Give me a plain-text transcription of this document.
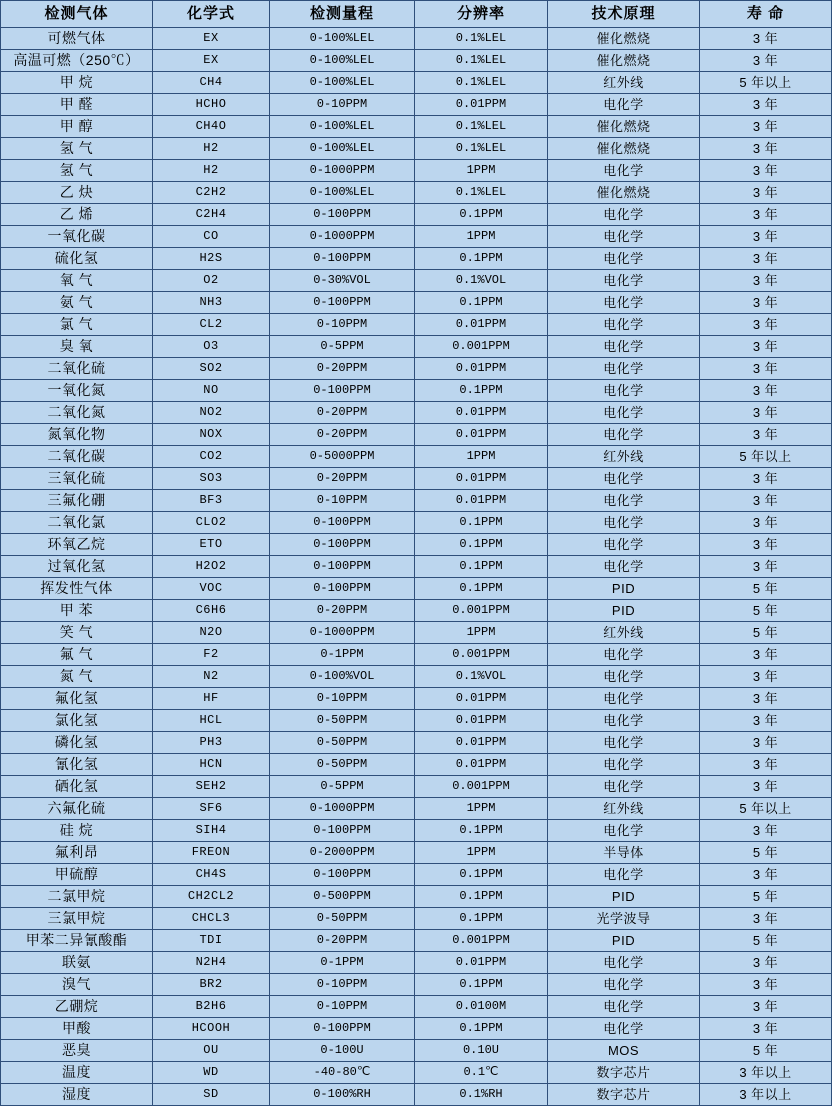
检测气体	化学式	检测量程	分辨率	技术原理	寿 命
可燃气体	EX	0-100%LEL	0.1%LEL	催化燃烧	3 年
高温可燃（250℃）	EX	0-100%LEL	0.1%LEL	催化燃烧	3 年
甲 烷	CH4	0-100%LEL	0.1%LEL	红外线	5 年以上
甲 醛	HCHO	0-10PPM	0.01PPM	电化学	3 年
甲 醇	CH4O	0-100%LEL	0.1%LEL	催化燃烧	3 年
氢 气	H2	0-100%LEL	0.1%LEL	催化燃烧	3 年
氢 气	H2	0-1000PPM	1PPM	电化学	3 年
乙 炔	C2H2	0-100%LEL	0.1%LEL	催化燃烧	3 年
乙 烯	C2H4	0-100PPM	0.1PPM	电化学	3 年
一氧化碳	CO	0-1000PPM	1PPM	电化学	3 年
硫化氢	H2S	0-100PPM	0.1PPM	电化学	3 年
氧 气	O2	0-30%VOL	0.1%VOL	电化学	3 年
氨 气	NH3	0-100PPM	0.1PPM	电化学	3 年
氯 气	CL2	0-10PPM	0.01PPM	电化学	3 年
臭 氧	O3	0-5PPM	0.001PPM	电化学	3 年
二氧化硫	SO2	0-20PPM	0.01PPM	电化学	3 年
一氧化氮	NO	0-100PPM	0.1PPM	电化学	3 年
二氧化氮	NO2	0-20PPM	0.01PPM	电化学	3 年
氮氧化物	NOX	0-20PPM	0.01PPM	电化学	3 年
二氧化碳	CO2	0-5000PPM	1PPM	红外线	5 年以上
三氧化硫	SO3	0-20PPM	0.01PPM	电化学	3 年
三氟化硼	BF3	0-10PPM	0.01PPM	电化学	3 年
二氧化氯	CLO2	0-100PPM	0.1PPM	电化学	3 年
环氧乙烷	ETO	0-100PPM	0.1PPM	电化学	3 年
过氧化氢	H2O2	0-100PPM	0.1PPM	电化学	3 年
挥发性气体	VOC	0-100PPM	0.1PPM	PID	5 年
甲 苯	C6H6	0-20PPM	0.001PPM	PID	5 年
笑 气	N2O	0-1000PPM	1PPM	红外线	5 年
氟 气	F2	0-1PPM	0.001PPM	电化学	3 年
氮 气	N2	0-100%VOL	0.1%VOL	电化学	3 年
氟化氢	HF	0-10PPM	0.01PPM	电化学	3 年
氯化氢	HCL	0-50PPM	0.01PPM	电化学	3 年
磷化氢	PH3	0-50PPM	0.01PPM	电化学	3 年
氰化氢	HCN	0-50PPM	0.01PPM	电化学	3 年
硒化氢	SEH2	0-5PPM	0.001PPM	电化学	3 年
六氟化硫	SF6	0-1000PPM	1PPM	红外线	5 年以上
硅 烷	SIH4	0-100PPM	0.1PPM	电化学	3 年
氟利昂	FREON	0-2000PPM	1PPM	半导体	5 年
甲硫醇	CH4S	0-100PPM	0.1PPM	电化学	3 年
二氯甲烷	CH2CL2	0-500PPM	0.1PPM	PID	5 年
三氯甲烷	CHCL3	0-50PPM	0.1PPM	光学波导	3 年
甲苯二异氰酸酯	TDI	0-20PPM	0.001PPM	PID	5 年
联氨	N2H4	0-1PPM	0.01PPM	电化学	3 年
溴气	BR2	0-10PPM	0.1PPM	电化学	3 年
乙硼烷	B2H6	0-10PPM	0.0100M	电化学	3 年
甲酸	HCOOH	0-100PPM	0.1PPM	电化学	3 年
恶臭	OU	0-100U	0.10U	MOS	5 年
温度	WD	-40-80℃	0.1℃	数字芯片	3 年以上
湿度	SD	0-100%RH	0.1%RH	数字芯片	3 年以上
